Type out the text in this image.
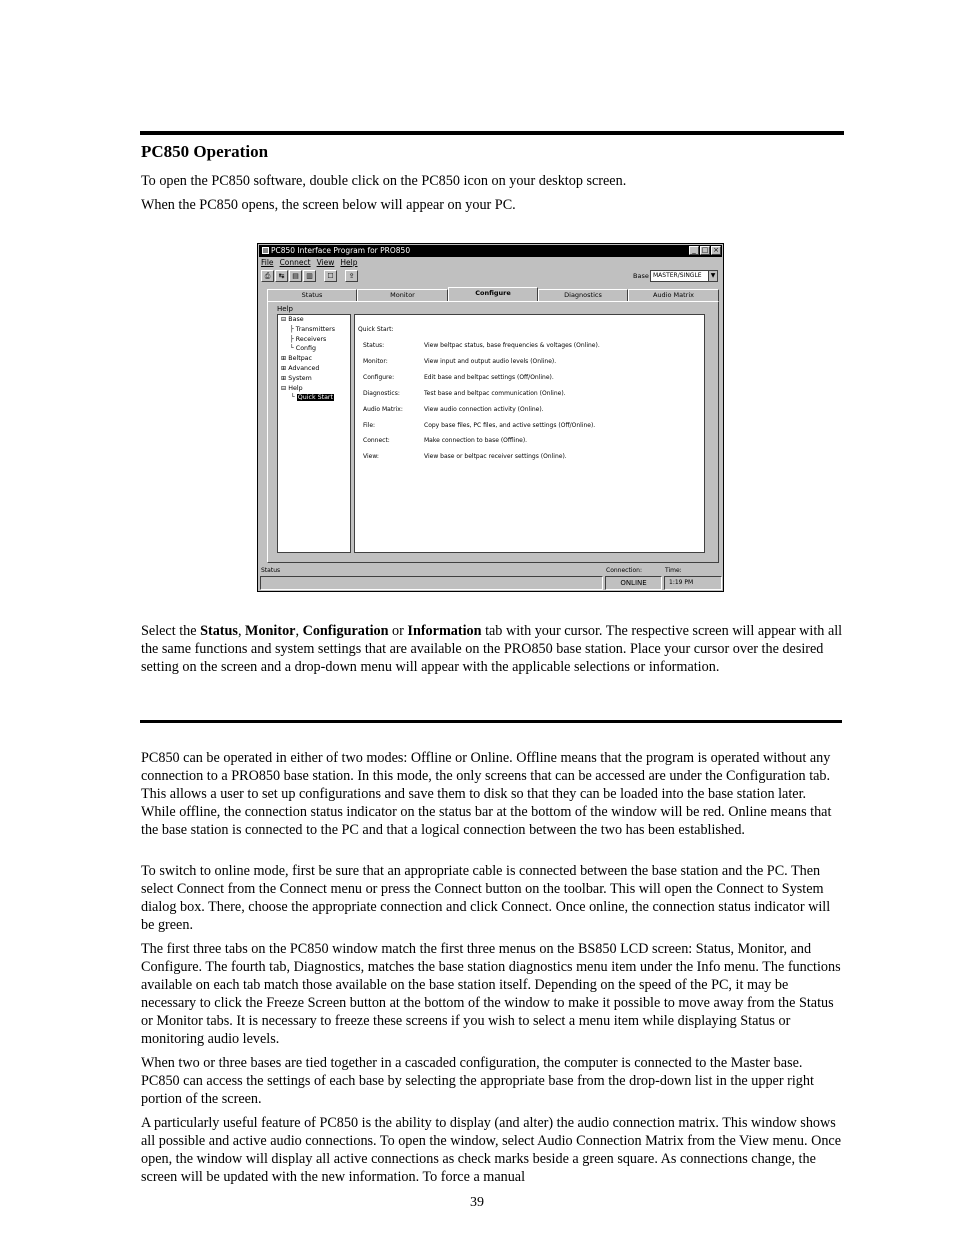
PC850 Operation

To open the PC850 software, double click on the PC850 icon on your desktop screen.

When the PC850 opens, the screen below will appear on your PC.

PC850 Interface Program for PRO850	_ □ ×
File Connect View Help
⎙	↹	▤	▥	☐	⇪	Base MASTER/SINGLE	▼
Status	Monitor	Configure	Diagnostics	Audio Matrix
Help
⊟ Base
├ Transmitters
├ Receivers
└ Config
⊞ Beltpac
⊞ Advanced
⊞ System
⊟ Help
└ Quick Start
Quick Start:
Status:	View beltpac status, base frequencies & voltages (Online).
Monitor:	View input and output audio levels (Online).
Configure:	Edit base and beltpac settings (Off/Online).
Diagnostics:	Test base and beltpac communication (Online).
Audio Matrix:	View audio connection activity (Online).
File:	Copy base files, PC files, and active settings (Off/Online).
Connect:	Make connection to base (Offline).
View:	View base or beltpac receiver settings (Online).
Status	Connection:	Time:
ONLINE	1:19 PM

Select the Status, Monitor, Configuration or Information tab with your cursor. The respective screen will appear with all the same functions and system settings that are available on the PRO850 base station. Place your cursor over the desired setting on the screen and a drop-down menu will appear with the applicable selections or information.

PC850 can be operated in either of two modes: Offline or Online. Offline means that the program is operated without any connection to a PRO850 base station. In this mode, the only screens that can be accessed are under the Configuration tab. This allows a user to set up configurations and save them to disk so that they can be loaded into the base station later. While offline, the connection status indicator on the status bar at the bottom of the window will be red. Online means that the base station is connected to the PC and that a logical connection between the two has been established.

To switch to online mode, first be sure that an appropriate cable is connected between the base station and the PC. Then select Connect from the Connect menu or press the Connect button on the toolbar. This will open the Connect to System dialog box. There, choose the appropriate connection and click Connect. Once online, the connection status indicator will be green.

The first three tabs on the PC850 window match the first three menus on the BS850 LCD screen: Status, Monitor, and Configure. The fourth tab, Diagnostics, matches the base station diagnostics menu item under the Info menu. The functions available on each tab match those available on the base station itself. Depending on the speed of the PC, it may be necessary to click the Freeze Screen button at the bottom of the window to make it possible to move away from the Status or Monitor tabs. It is necessary to freeze these screens if you wish to select a menu item while displaying Status or monitoring audio levels.

When two or three bases are tied together in a cascaded configuration, the computer is connected to the Master base. PC850 can access the settings of each base by selecting the appropriate base from the drop-down list in the upper right portion of the screen.

A particularly useful feature of PC850 is the ability to display (and alter) the audio connection matrix. This window shows all possible and active audio connections. To open the window, select Audio Connection Matrix from the View menu. Once open, the window will display all active connections as check marks beside a green square. As connections change, the screen will be updated with the new information. To force a manual

39
